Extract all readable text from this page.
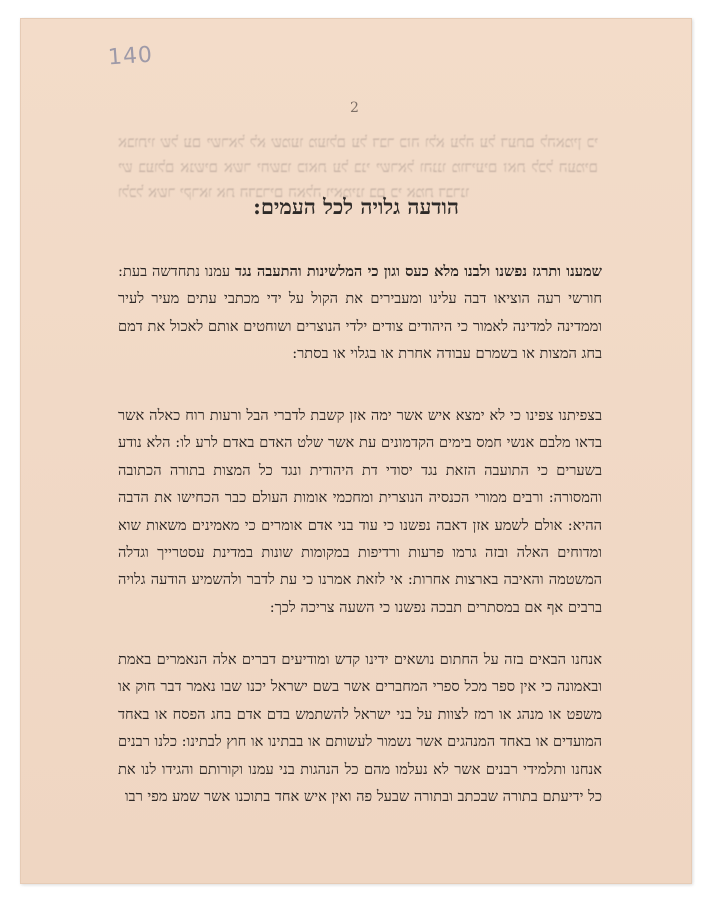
140
2
אבותיו של עם ישראל לא שמעו מעולם על דבר כזה ולא עלה על דעתם להאמין כי יש בעולם אנשים אשר יחשבו כזאת על בני ישראל והננו מודיעים זאת לכל העמים ולכל אשר יקראו את הדברים האלה ויאמינו בם כי אמת דברנו
הודעה גלויה לכל העמים:
שמענו ותרגז נפשנו ולבנו מלא כעס וגון כי המלשינות והתעבה נגד עמנו נתחדשה בעת: חורשי רעה הוציאו דבה עלינו ומעבירים את הקול על ידי מכתבי עתים מעיר לעיר וממדינה למדינה לאמור כי היהודים צודים ילדי הנוצרים ושוחטים אותם לאכול את דמם בחג המצות או בשמרם עבודה אחרת או בגלוי או בסתר:
בצפיתנו צפינו כי לא ימצא איש אשר ימה אזן קשבת לדברי הבל ורעות רוח כאלה אשר בדאו מלבם אנשי חמס בימים הקדמונים עת אשר שלט האדם באדם לרע לו: הלא נודע בשערים כי התועבה הזאת נגד יסודי דת היהודית ונגד כל המצות בתורה הכתובה והמסורה: ורבים ממורי הכנסיה הנוצרית ומחכמי אומות העולם כבר הכחישו את הדבה ההיא: אולם לשמע אזן דאבה נפשנו כי עוד בני אדם אומרים כי מאמינים משאות שוא ומדוחים האלה ובזה גרמו פרעות ורדיפות במקומות שונות במדינת עסטרייך וגדלה המשטמה והאיבה בארצות אחרות: אי לזאת אמרנו כי עת לדבר ולהשמיע הודעה גלויה ברבים אף אם במסתרים תבכה נפשנו כי השעה צריכה לכך:
אנחנו הבאים בזה על החתום נושאים ידינו קדש ומודיעים דברים אלה הנאמרים באמת ובאמונה כי אין ספר מכל ספרי המחברים אשר בשם ישראל יכנו שבו נאמר דבר חוק או משפט או מנהג או רמז לצוות על בני ישראל להשתמש בדם אדם בחג הפסח או באחד המועדים או באחד המנהגים אשר נשמור לעשותם או בבתינו או חוץ לבתינו: כלנו רבנים אנחנו ותלמידי רבנים אשר לא נעלמו מהם כל הנהגות בני עמנו וקורותם והגידו לנו את כל ידיעתם בתורה שבכתב ובתורה שבעל פה ואין איש אחד בתוכנו אשר שמע מפי רבו
